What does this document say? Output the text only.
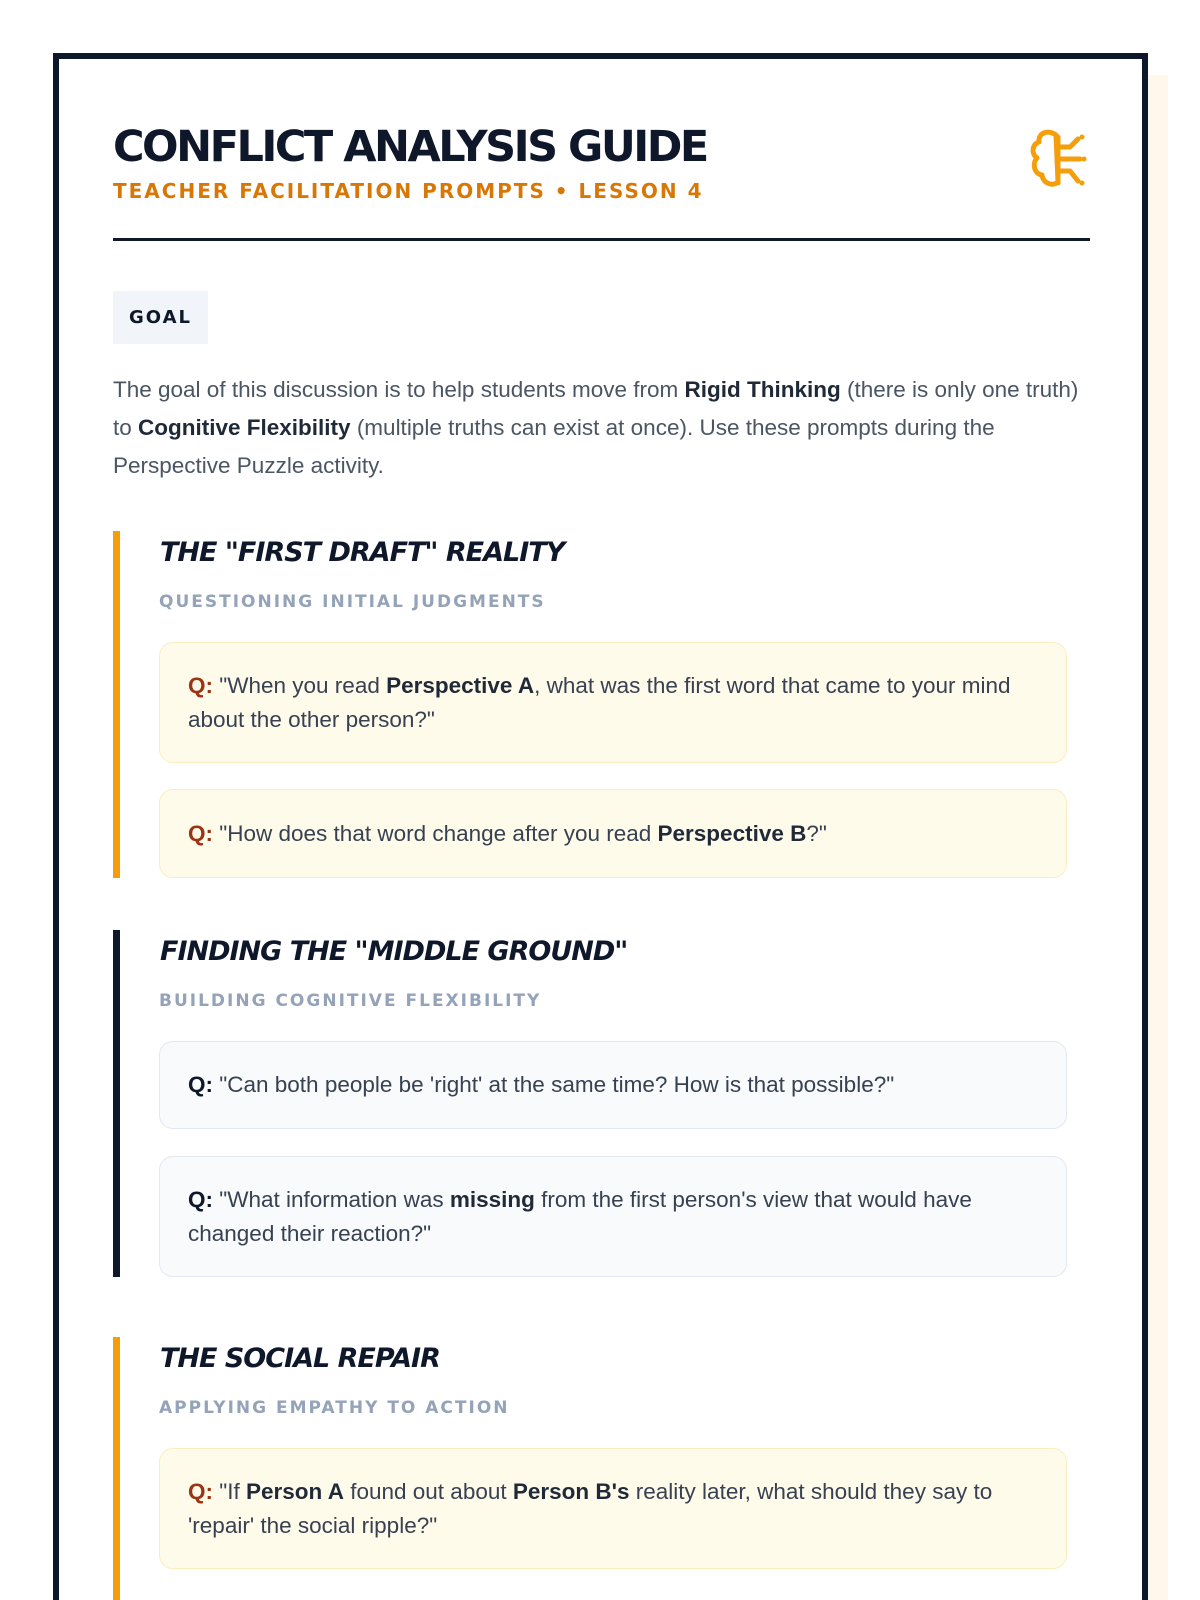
CONFLICT ANALYSIS GUIDE
TEACHER FACILITATION PROMPTS • LESSON 4
GOAL

The goal of this discussion is to help students move from Rigid Thinking (there is only one truth) to Cognitive Flexibility (multiple truths can exist at once). Use these prompts during the Perspective Puzzle activity.

THE "FIRST DRAFT" REALITY
QUESTIONING INITIAL JUDGMENTS

Q: "When you read Perspective A, what was the first word that came to your mind about the other person?"

Q: "How does that word change after you read Perspective B?"

FINDING THE "MIDDLE GROUND"
BUILDING COGNITIVE FLEXIBILITY

Q: "Can both people be 'right' at the same time? How is that possible?"

Q: "What information was missing from the first person's view that would have changed their reaction?"

THE SOCIAL REPAIR
APPLYING EMPATHY TO ACTION

Q: "If Person A found out about Person B's reality later, what should they say to 'repair' the social ripple?"
